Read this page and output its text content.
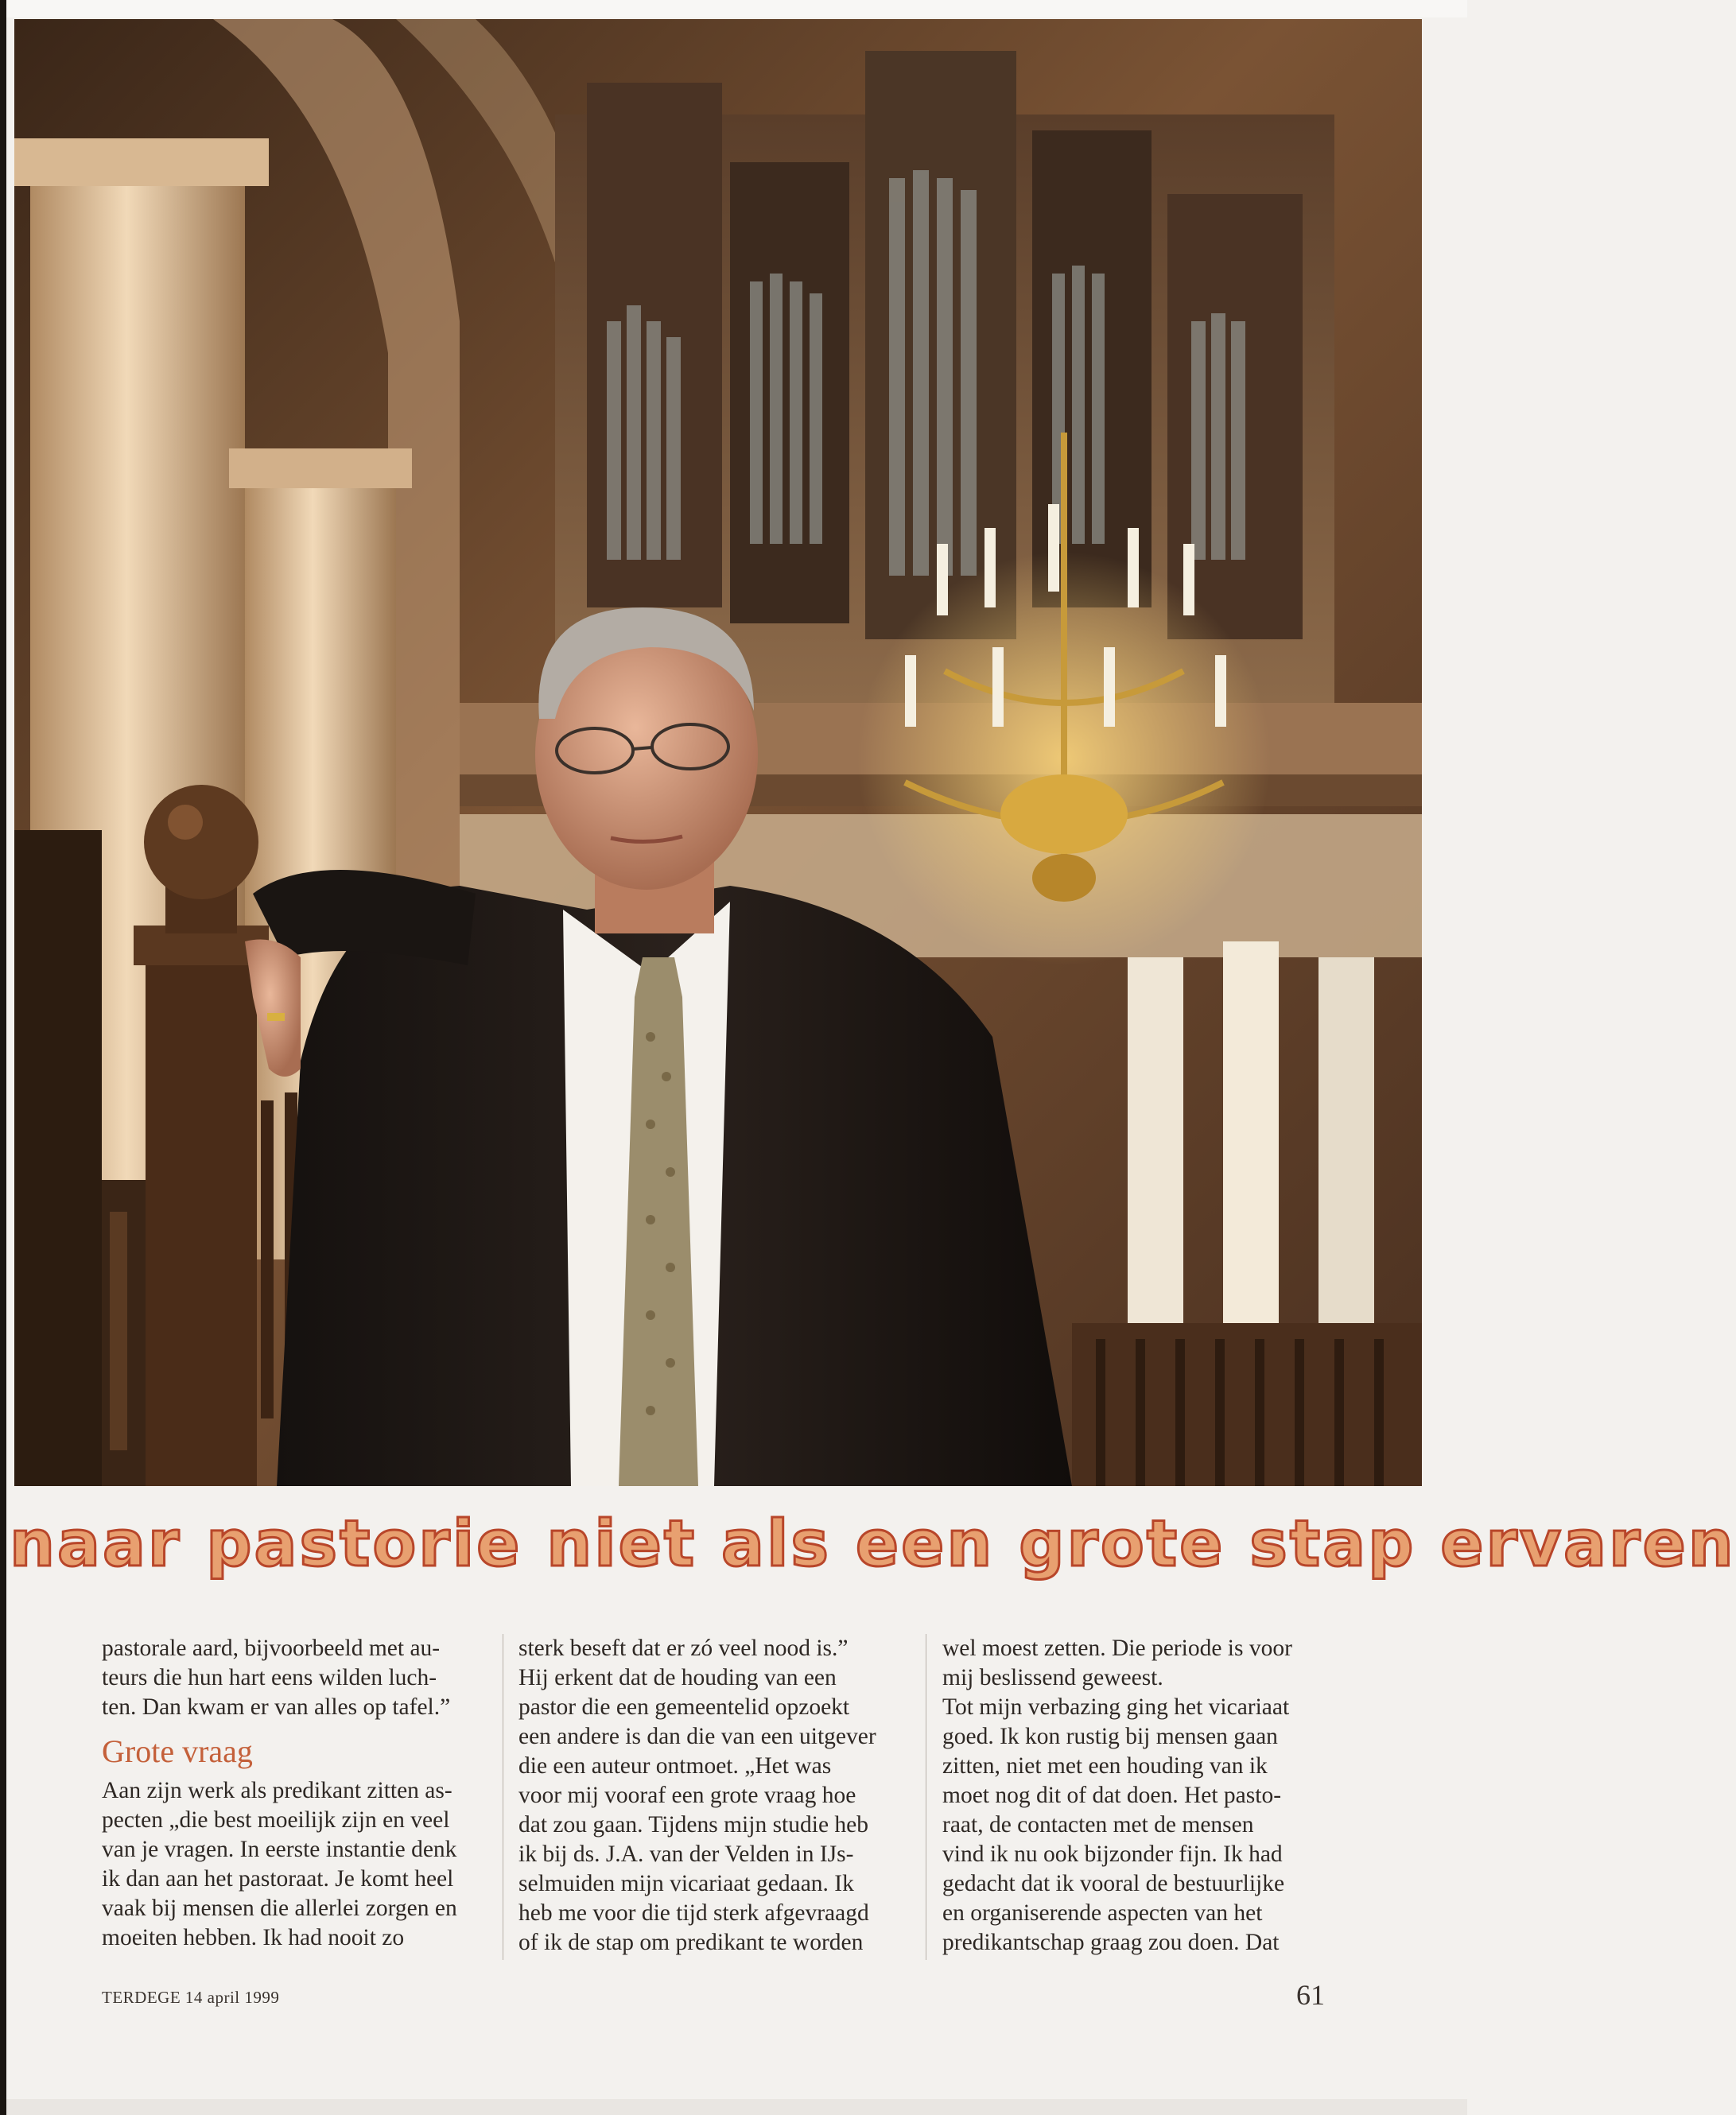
naar pastorie niet als een grote stap ervaren

pastorale aard, bijvoorbeeld met au-

teurs die hun hart eens wilden luch-

ten. Dan kwam er van alles op tafel.”

Grote vraag

Aan zijn werk als predikant zitten as-

pecten „die best moeilijk zijn en veel

van je vragen. In eerste instantie denk

ik dan aan het pastoraat. Je komt heel

vaak bij mensen die allerlei zorgen en

moeiten hebben. Ik had nooit zo

sterk beseft dat er zó veel nood is.”

Hij erkent dat de houding van een

pastor die een gemeentelid opzoekt

een andere is dan die van een uitgever

die een auteur ontmoet. „Het was

voor mij vooraf een grote vraag hoe

dat zou gaan. Tijdens mijn studie heb

ik bij ds. J.A. van der Velden in IJs-

selmuiden mijn vicariaat gedaan. Ik

heb me voor die tijd sterk afgevraagd

of ik de stap om predikant te worden

wel moest zetten. Die periode is voor

mij beslissend geweest.

Tot mijn verbazing ging het vicariaat

goed. Ik kon rustig bij mensen gaan

zitten, niet met een houding van ik

moet nog dit of dat doen. Het pasto-

raat, de contacten met de mensen

vind ik nu ook bijzonder fijn. Ik had

gedacht dat ik vooral de bestuurlijke

en organiserende aspecten van het

predikantschap graag zou doen. Dat

TERDEGE 14 april 1999	61
